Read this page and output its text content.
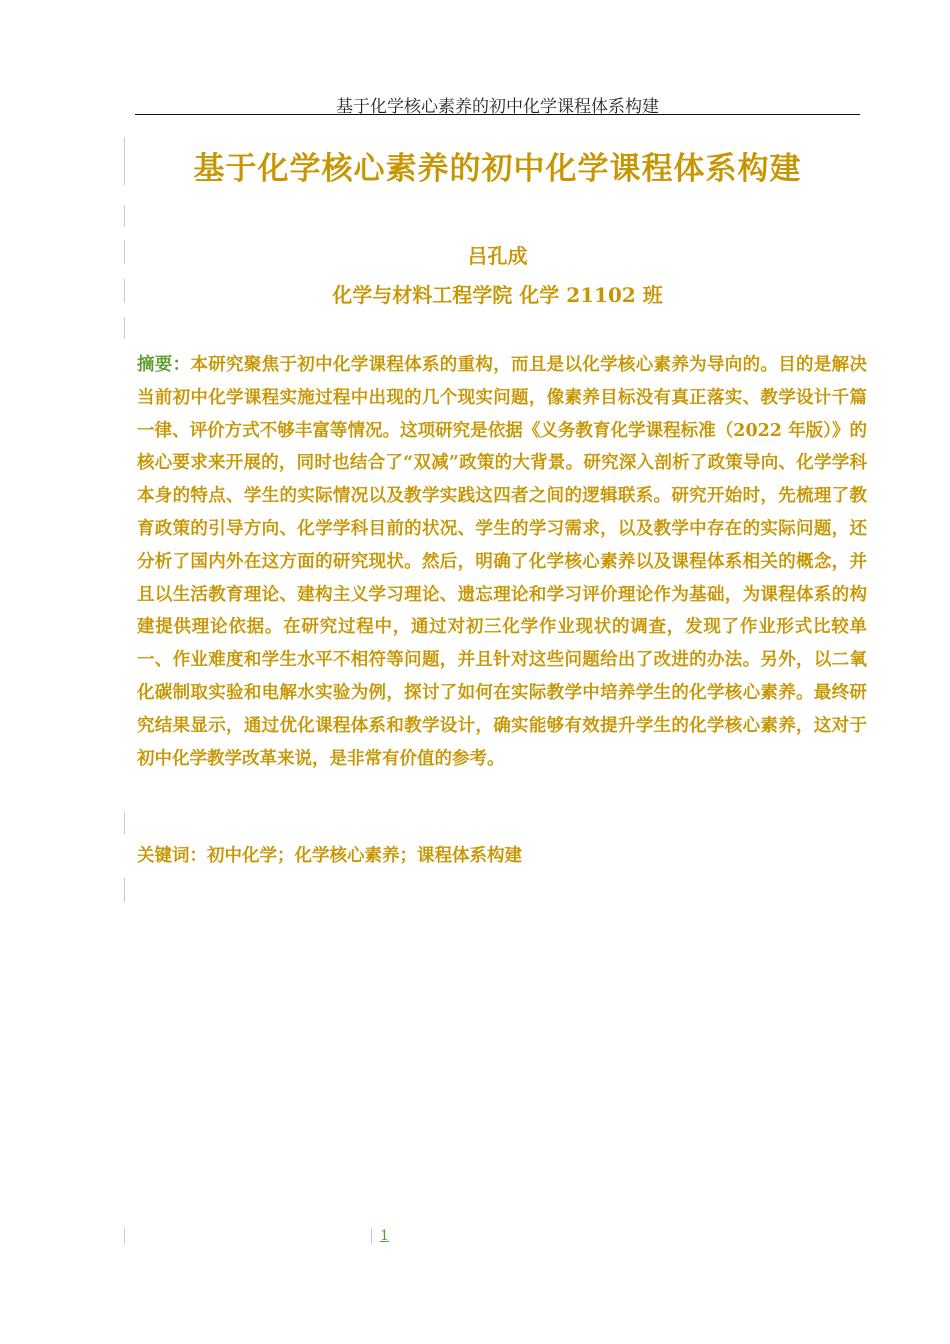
基于化学核心素养的初中化学课程体系构建
基于化学核心素养的初中化学课程体系构建
吕孔成
化学与材料工程学院 化学 21102 班
摘要：本研究聚焦于初中化学课程体系的重构，而且是以化学核心素养为导向的。目的是解决当前初中化学课程实施过程中出现的几个现实问题，像素养目标没有真正落实、教学设计千篇一律、评价方式不够丰富等情况。这项研究是依据《义务教育化学课程标准（2022 年版）》的核心要求来开展的，同时也结合了“双减”政策的大背景。研究深入剖析了政策导向、化学学科本身的特点、学生的实际情况以及教学实践这四者之间的逻辑联系。研究开始时，先梳理了教育政策的引导方向、化学学科目前的状况、学生的学习需求，以及教学中存在的实际问题，还分析了国内外在这方面的研究现状。然后，明确了化学核心素养以及课程体系相关的概念，并且以生活教育理论、建构主义学习理论、遗忘理论和学习评价理论作为基础，为课程体系的构建提供理论依据。在研究过程中，通过对初三化学作业现状的调查，发现了作业形式比较单一、作业难度和学生水平不相符等问题，并且针对这些问题给出了改进的办法。另外，以二氧化碳制取实验和电解水实验为例，探讨了如何在实际教学中培养学生的化学核心素养。最终研究结果显示，通过优化课程体系和教学设计，确实能够有效提升学生的化学核心素养，这对于初中化学教学改革来说，是非常有价值的参考。
关键词：初中化学；化学核心素养；课程体系构建
1
